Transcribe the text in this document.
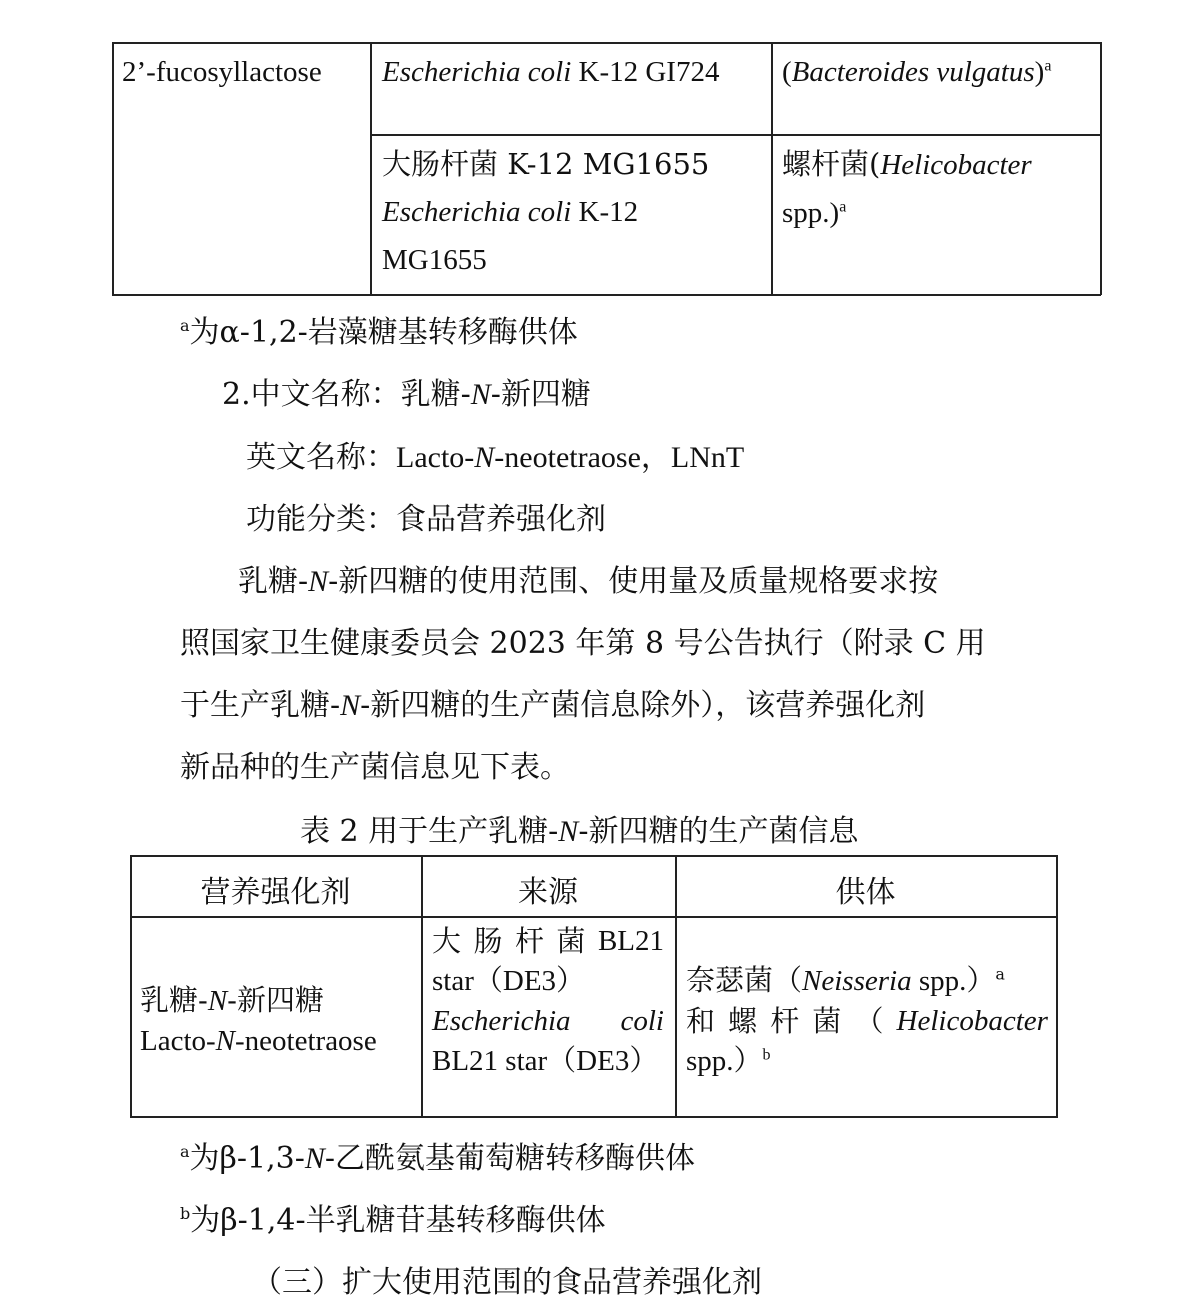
2’-fucosyllactose Escherichia coli K-12 GI724 (Bacteroides vulgatus)$^a$
大肠杆菌 K-12 MG1655
Escherichia coli K-12
MG1655
螺杆菌(Helicobacter
spp.)$^a$
$^a$为α-1,2-岩藻糖基转移酶供体
2.中文名称：乳糖-N-新四糖
英文名称：Lacto-N-neotetraose，LNnT
功能分类：食品营养强化剂
乳糖-N-新四糖的使用范围、使用量及质量规格要求按
照国家卫生健康委员会 2023 年第 8 号公告执行（附录 C 用
于生产乳糖-N-新四糖的生产菌信息除外），该营养强化剂
新品种的生产菌信息见下表。
表 2 用于生产乳糖-N-新四糖的生产菌信息
营养强化剂	来源	供体
乳糖-N-新四糖
Lacto-N-neotetraose
大 肠 杆 菌 BL21
star（DE3）
Escherichia coli
BL21 star（DE3）
奈瑟菌（Neisseria spp.）$^a$
和 螺 杆 菌 （ Helicobacter
spp.）$^b$
$^a$为β-1,3-N-乙酰氨基葡萄糖转移酶供体
$^b$为β-1,4-半乳糖苷基转移酶供体
（三）扩大使用范围的食品营养强化剂
